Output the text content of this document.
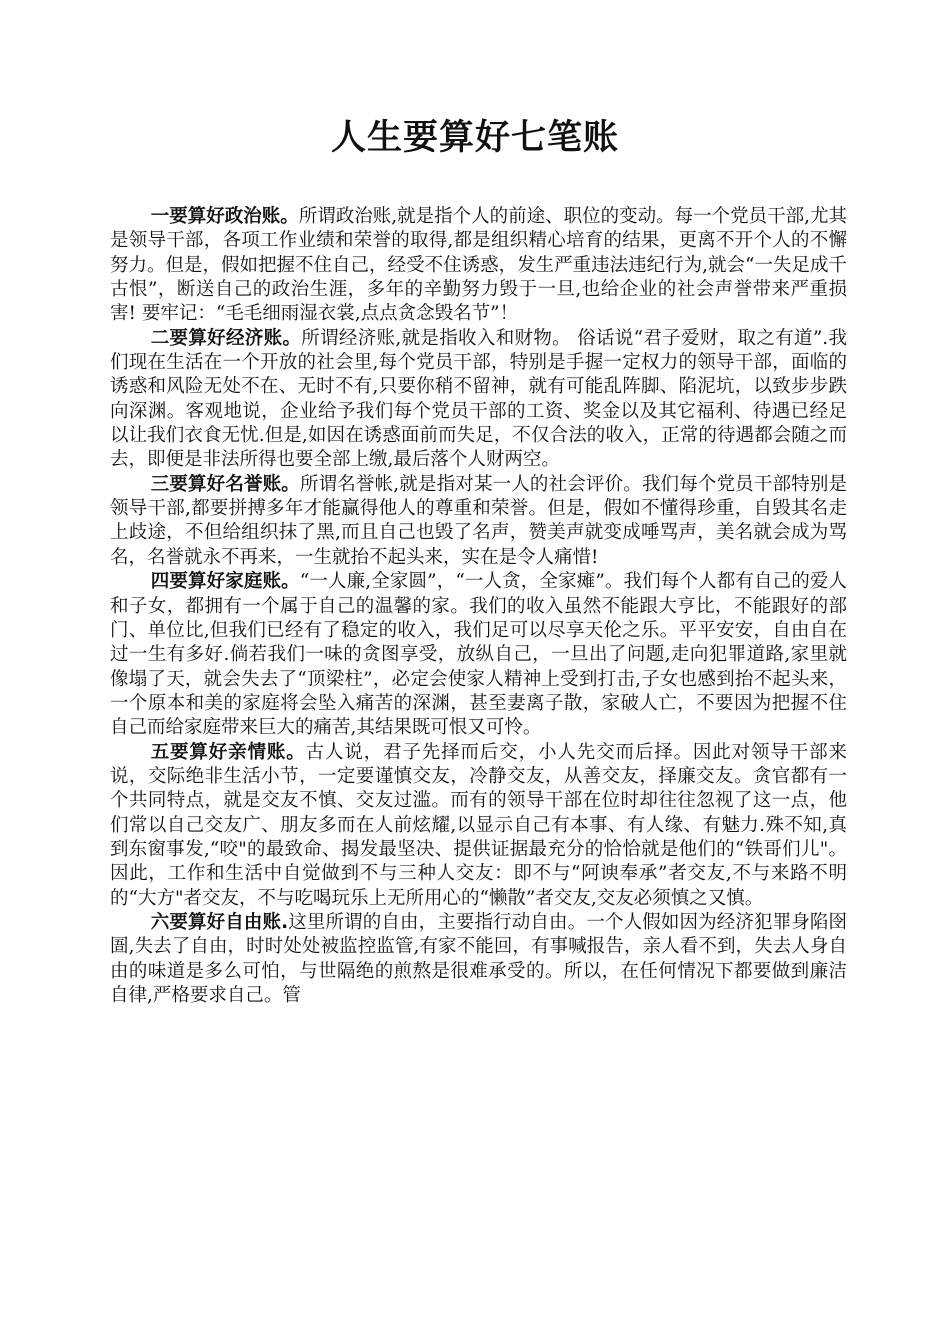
人生要算好七笔账

一要算好政治账。所谓政治账,就是指个人的前途、职位的变动。每一个党员干部,尤其是领导干部，各项工作业绩和荣誉的取得,都是组织精心培育的结果，更离不开个人的不懈努力。但是，假如把握不住自己，经受不住诱惑，发生严重违法违纪行为,就会“一失足成千古恨”，断送自己的政治生涯，多年的辛勤努力毁于一旦,也给企业的社会声誉带来严重损害! 要牢记：“毛毛细雨湿衣裳,点点贪念毁名节”！

二要算好经济账。所谓经济账,就是指收入和财物。 俗话说“君子爱财，取之有道”.我们现在生活在一个开放的社会里,每个党员干部，特别是手握一定权力的领导干部，面临的诱惑和风险无处不在、无时不有,只要你稍不留神，就有可能乱阵脚、陷泥坑，以致步步跌向深渊。客观地说，企业给予我们每个党员干部的工资、奖金以及其它福利、待遇已经足以让我们衣食无忧.但是,如因在诱惑面前而失足，不仅合法的收入，正常的待遇都会随之而去，即便是非法所得也要全部上缴,最后落个人财两空。

三要算好名誉账。所谓名誉帐,就是指对某一人的社会评价。我们每个党员干部特别是领导干部,都要拼搏多年才能赢得他人的尊重和荣誉。但是，假如不懂得珍重，自毁其名走上歧途，不但给组织抹了黑,而且自己也毁了名声，赞美声就变成唾骂声，美名就会成为骂名，名誉就永不再来，一生就抬不起头来，实在是令人痛惜!

四要算好家庭账。“一人廉,全家圆”，“一人贪，全家瘫”。我们每个人都有自己的爱人和子女，都拥有一个属于自己的温馨的家。我们的收入虽然不能跟大亨比，不能跟好的部门、单位比,但我们已经有了稳定的收入，我们足可以尽享天伦之乐。平平安安，自由自在过一生有多好.倘若我们一味的贪图享受，放纵自己，一旦出了问题,走向犯罪道路,家里就像塌了天，就会失去了“顶梁柱”，必定会使家人精神上受到打击,子女也感到抬不起头来，一个原本和美的家庭将会坠入痛苦的深渊，甚至妻离子散，家破人亡，不要因为把握不住自己而给家庭带来巨大的痛苦,其结果既可恨又可怜。

五要算好亲情账。古人说，君子先择而后交，小人先交而后择。因此对领导干部来说，交际绝非生活小节，一定要谨慎交友，冷静交友，从善交友，择廉交友。贪官都有一个共同特点，就是交友不慎、交友过滥。而有的领导干部在位时却往往忽视了这一点，他们常以自己交友广、朋友多而在人前炫耀,以显示自己有本事、有人缘、有魅力.殊不知,真到东窗事发,“咬"的最致命、揭发最坚决、提供证据最充分的恰恰就是他们的“铁哥们儿"。因此，工作和生活中自觉做到不与三种人交友：即不与“阿谀奉承”者交友,不与来路不明的“大方"者交友，不与吃喝玩乐上无所用心的“懒散”者交友,交友必须慎之又慎。

六要算好自由账.这里所谓的自由，主要指行动自由。一个人假如因为经济犯罪身陷囹圄,失去了自由，时时处处被监控监管,有家不能回，有事喊报告，亲人看不到，失去人身自由的味道是多么可怕，与世隔绝的煎熬是很难承受的。所以，在任何情况下都要做到廉洁自律,严格要求自己。管
